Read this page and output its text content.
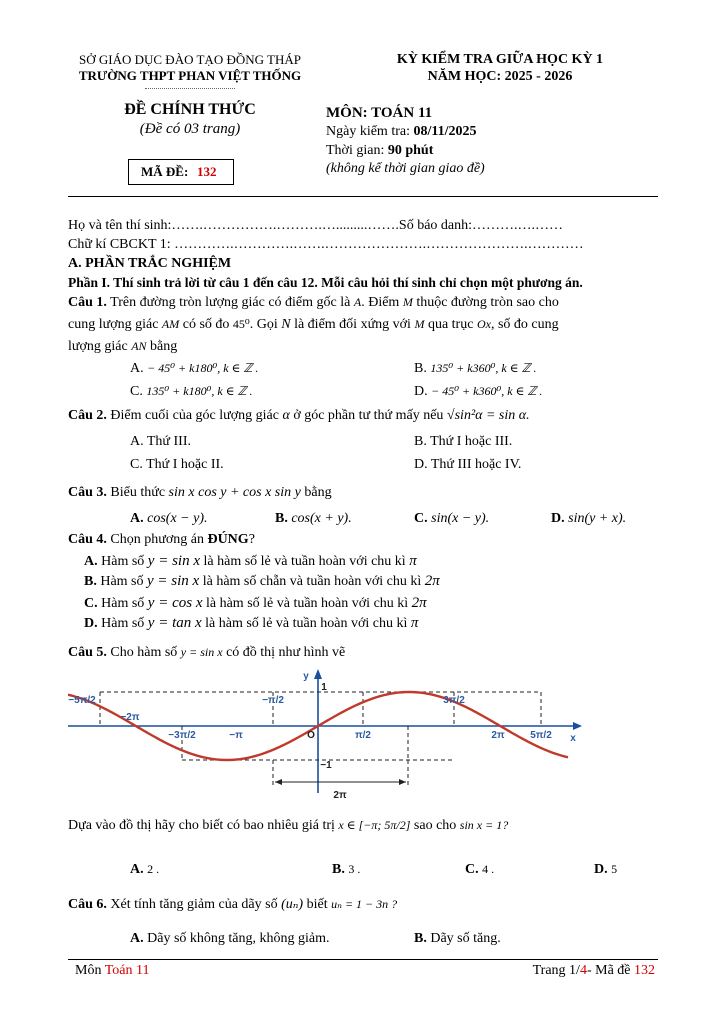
SỞ GIÁO DỤC ĐÀO TẠO ĐỒNG THÁP
TRƯỜNG THPT PHAN VIỆT THỐNG
ĐỀ CHÍNH THỨC
(Đề có 03 trang)
MÃ ĐỀ: 132
KỲ KIỂM TRA GIỮA HỌC KỲ 1
NĂM HỌC: 2025 - 2026
MÔN: TOÁN 11
Ngày kiểm tra: 08/11/2025
Thời gian: 90 phút
(không kể thời gian giao đề)
Họ và tên thí sinh:…….…………….……….….........…….Số báo danh:……….….……
Chữ kí CBCKT 1: ………….………….…….………………….………………….…………
A. PHẦN TRẮC NGHIỆM
Phần I. Thí sinh trả lời từ câu 1 đến câu 12. Mỗi câu hỏi thí sinh chỉ chọn một phương án.
Câu 1. Trên đường tròn lượng giác có điểm gốc là A. Điểm M thuộc đường tròn sao cho
cung lượng giác AM có số đo 45⁰. Gọi N là điểm đối xứng với M qua trục Ox, số đo cung
lượng giác AN bằng
A. − 45⁰ + k180⁰, k ∈ ℤ .	B. 135⁰ + k360⁰, k ∈ ℤ .
C. 135⁰ + k180⁰, k ∈ ℤ .	D. − 45⁰ + k360⁰, k ∈ ℤ .
Câu 2. Điểm cuối của góc lượng giác α ở góc phần tư thứ mấy nếu √sin²α = sin α.
A. Thứ III.	B. Thứ I hoặc III.
C. Thứ I hoặc II.	D. Thứ III hoặc IV.
Câu 3. Biểu thức sin x cos y + cos x sin y bằng
A. cos(x − y).	B. cos(x + y).	C. sin(x − y).	D. sin(y + x).
Câu 4. Chọn phương án ĐÚNG?
A. Hàm số y = sin x là hàm số lẻ và tuần hoàn với chu kì π
B. Hàm số y = sin x là hàm số chẵn và tuần hoàn với chu kì 2π
C. Hàm số y = cos x là hàm số lẻ và tuần hoàn với chu kì 2π
D. Hàm số y = tan x là hàm số lẻ và tuần hoàn với chu kì π
Câu 5. Cho hàm số y = sin x có đồ thị như hình vẽ
−5π/2
−2π
−3π/2	−π
−π/2
π/2
3π/2
2π	5π/2
O	x
y
1
−1
2π
Dựa vào đồ thị hãy cho biết có bao nhiêu giá trị x ∈ [−π; 5π/2] sao cho sin x = 1?
A. 2 .	B. 3 .	C. 4 .	D. 5
Câu 6. Xét tính tăng giảm của dãy số (uₙ) biết uₙ = 1 − 3n ?
A. Dãy số không tăng, không giảm.	B. Dãy số tăng.
Môn Toán 11	Trang 1/4- Mã đề 132
